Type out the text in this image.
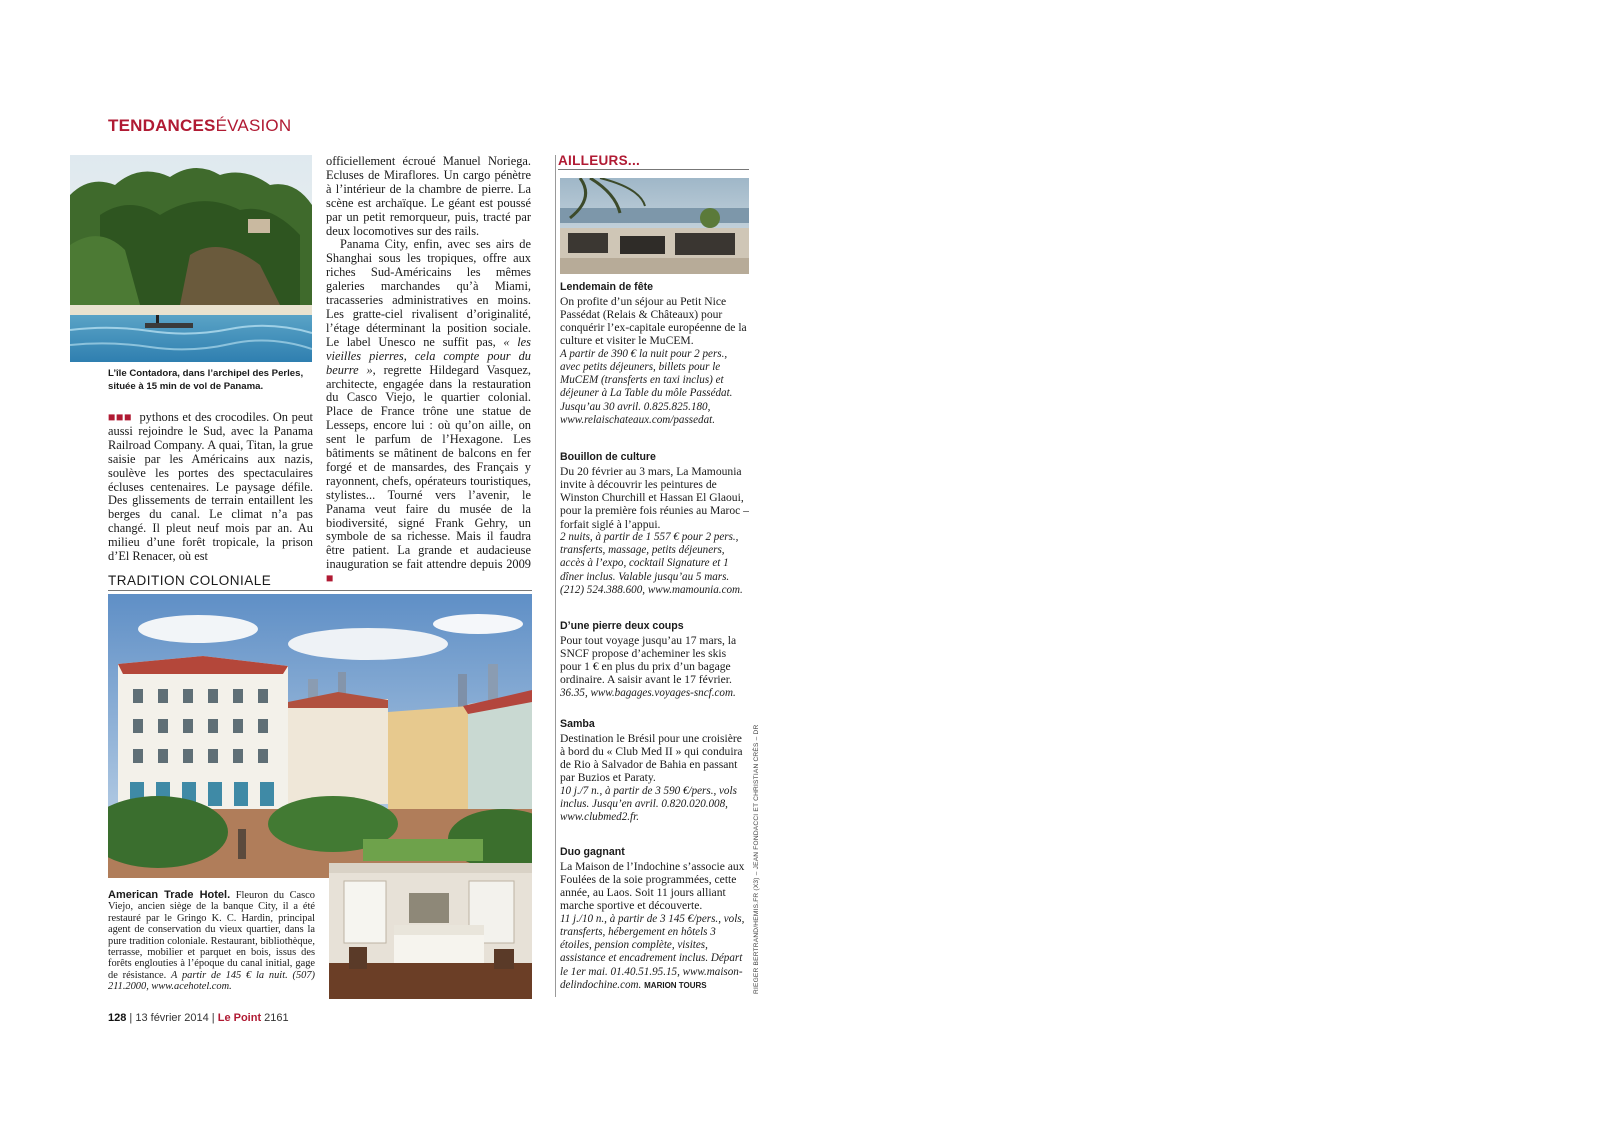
TENDANCESÉVASION
L’île Contadora, dans l’archipel des Perles,
située à 15 min de vol de Panama.

■■■ pythons et des crocodiles. On peut aussi rejoindre le Sud, avec la Panama Railroad Company. A quai, Titan, la grue saisie par les Américains aux nazis, soulève les portes des spectaculaires écluses centenaires. Le paysage défile. Des glissements de terrain entaillent les berges du canal. Le climat n’a pas changé. Il pleut neuf mois par an. Au milieu d’une forêt tropicale, la prison d’El Renacer, où est

officiellement écroué Manuel Noriega. Ecluses de Miraflores. Un cargo pénètre à l’intérieur de la chambre de pierre. La scène est archaïque. Le géant est poussé par un petit remorqueur, puis, tracté par deux locomotives sur des rails.

Panama City, enfin, avec ses airs de Shanghai sous les tropiques, offre aux riches Sud-Américains les mêmes galeries marchandes qu’à Miami, tracasseries administratives en moins. Les gratte-ciel rivalisent d’originalité, l’étage déterminant la position sociale. Le label Unesco ne suffit pas, « les vieilles pierres, cela compte pour du beurre », regrette Hildegard Vasquez, architecte, engagée dans la restauration du Casco Viejo, le quartier colonial. Place de France trône une statue de Lesseps, encore lui : où qu’on aille, on sent le parfum de l’Hexagone. Les bâtiments se mâtinent de balcons en fer forgé et de mansardes, des Français y rayonnent, chefs, opérateurs touristiques, stylistes... Tourné vers l’avenir, le Panama veut faire du musée de la biodiversité, signé Frank Gehry, un symbole de sa richesse. Mais il faudra être patient. La grande et audacieuse inauguration se fait attendre depuis 2009 ■

TRADITION COLONIALE
American Trade Hotel. Fleuron du Casco Viejo, ancien siège de la banque City, il a été restauré par le Gringo K. C. Hardin, principal agent de conservation du vieux quartier, dans la pure tradition coloniale. Restaurant, bibliothèque, terrasse, mobilier et parquet en bois, issus des forêts englouties à l’époque du canal initial, gage de résistance. A partir de 145 € la nuit. (507) 211.2000, www.acehotel.com.
AILLEURS...
Lendemain de fête
On profite d’un séjour au Petit Nice Passédat (Relais & Châteaux) pour conquérir l’ex-capitale européenne de la culture et visiter le MuCEM.
A partir de 390 € la nuit pour 2 pers., avec petits déjeuners, billets pour le MuCEM (transferts en taxi inclus) et déjeuner à La Table du môle Passédat. Jusqu’au 30 avril. 0.825.825.180, www.relaischateaux.com/passedat.
Bouillon de culture
Du 20 février au 3 mars, La Mamounia invite à découvrir les peintures de Winston Churchill et Hassan El Glaoui, pour la première fois réunies au Maroc – forfait siglé à l’appui.
2 nuits, à partir de 1 557 € pour 2 pers., transferts, massage, petits déjeuners, accès à l’expo, cocktail Signature et 1 dîner inclus. Valable jusqu’au 5 mars. (212) 524.388.600, www.mamounia.com.
D’une pierre deux coups
Pour tout voyage jusqu’au 17 mars, la SNCF propose d’acheminer les skis pour 1 € en plus du prix d’un bagage ordinaire. A saisir avant le 17 février.
36.35, www.bagages.voyages-sncf.com.
Samba
Destination le Brésil pour une croisière à bord du « Club Med II » qui conduira de Rio à Salvador de Bahia en passant par Buzios et Paraty.
10 j./7 n., à partir de 3 590 €/pers., vols inclus. Jusqu’en avril. 0.820.020.008, www.clubmed2.fr.
Duo gagnant
La Maison de l’Indochine s’associe aux Foulées de la soie programmées, cette année, au Laos. Soit 11 jours alliant marche sportive et découverte.
11 j./10 n., à partir de 3 145 €/pers., vols, transferts, hébergement en hôtels 3 étoiles, pension complète, visites, assistance et encadrement inclus. Départ le 1er mai. 01.40.51.95.15, www.maison-delindochine.com. MARION TOURS	RIEGER BERTRAND/HEMIS.FR (X3) – JEAN FONDACCI ET CHRISTIAN CRÈS – DR
128 | 13 février 2014 | Le Point 2161
